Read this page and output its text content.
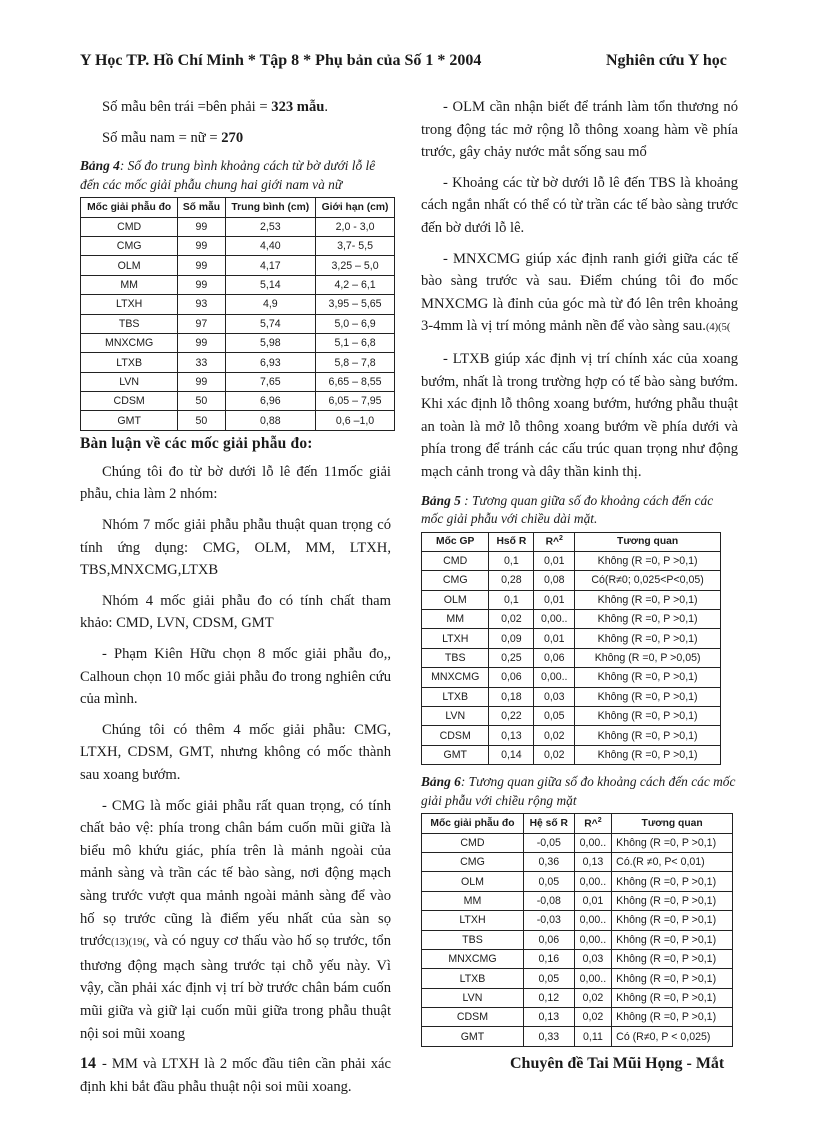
Y Học TP. Hồ Chí Minh * Tập 8 * Phụ bản của Số 1 * 2004	Nghiên cứu Y học

Số mẫu bên trái =bên phải = 323 mẫu.

Số mẫu nam = nữ = 270

Bảng 4: Số đo trung bình khoảng cách từ bờ dưới lỗ lê đến các mốc giải phẫu chung hai giới nam và nữ
Mốc giải phẫu đo	Số mẫu	Trung bình (cm)	Giới hạn (cm)
CMD	99	2,53	2,0 - 3,0
CMG	99	4,40	3,7- 5,5
OLM	99	4,17	3,25 – 5,0
MM	99	5,14	4,2 – 6,1
LTXH	93	4,9	3,95 – 5,65
TBS	97	5,74	5,0 – 6,9
MNXCMG	99	5,98	5,1 – 6,8
LTXB	33	6,93	5,8 – 7,8
LVN	99	7,65	6,65 – 8,55
CDSM	50	6,96	6,05 – 7,95
GMT	50	0,88	0,6 –1,0
Bàn luận về các mốc giải phẫu đo:

Chúng tôi đo từ bờ dưới lỗ lê đến 11mốc giải phẫu, chia làm 2 nhóm:

Nhóm 7 mốc giải phẫu phẫu thuật quan trọng có tính ứng dụng: CMG, OLM, MM, LTXH, TBS,MNXCMG,LTXB

Nhóm 4 mốc giải phẫu đo có tính chất tham khảo: CMD, LVN, CDSM, GMT

- Phạm Kiên Hữu chọn 8 mốc giải phẫu đo,, Calhoun chọn 10 mốc giải phẫu đo trong nghiên cứu của mình.

Chúng tôi có thêm 4 mốc giải phẫu: CMG, LTXH, CDSM, GMT, nhưng không có mốc thành sau xoang bướm.

- CMG là mốc giải phẫu rất quan trọng, có tính chất bảo vệ: phía trong chân bám cuốn mũi giữa là biểu mô khứu giác, phía trên là mảnh ngoài của mảnh sàng và trần các tế bào sàng, nơi động mạch sàng trước vượt qua mảnh ngoài mảnh sàng để vào hố sọ trước cũng là điểm yếu nhất của sàn sọ trước(13)(19(, và có nguy cơ thấu vào hố sọ trước, tổn thương động mạch sàng trước tại chỗ yếu này. Vì vậy, cần phải xác định vị trí bờ trước chân bám cuốn mũi giữa và giữ lại cuốn mũi giữa trong phẫu thuật nội soi mũi xoang

- MM và LTXH là 2 mốc đầu tiên cần phải xác định khi bắt đầu phẫu thuật nội soi mũi xoang.

- OLM cần nhận biết để tránh làm tổn thương nó trong động tác mở rộng lỗ thông xoang hàm về phía trước, gây chảy nước mắt sống sau mổ

- Khoảng các từ bờ dưới lỗ lê đến TBS là khoảng cách ngắn nhất có thể có từ trần các tế bào sàng trước đến bờ dưới lỗ lê.

- MNXCMG giúp xác định ranh giới giữa các tế bào sàng trước và sau. Điểm chúng tôi đo mốc MNXCMG là đỉnh của góc mà từ đó lên trên khoảng 3-4mm là vị trí mỏng mảnh nền để vào sàng sau.(4)(5(

- LTXB giúp xác định vị trí chính xác của xoang bướm, nhất là trong trường hợp có tế bào sàng bướm. Khi xác định lỗ thông xoang bướm, hướng phẫu thuật an toàn là mở lỗ thông xoang bướm về phía dưới và phía trong để tránh các cấu trúc quan trọng như động mạch cảnh trong và dây thần kinh thị.

Bảng 5 : Tương quan giữa số đo khoảng cách đến các mốc giải phẫu với chiều dài mặt.
Mốc GP	Hsố R	R^$^2$	Tương quan
CMD	0,1	0,01	Không (R =0, P >0,1)
CMG	0,28	0,08	Có(R≠0; 0,025<P<0,05)
OLM	0,1	0,01	Không (R =0, P >0,1)
MM	0,02	0,00..	Không (R =0, P >0,1)
LTXH	0,09	0,01	Không (R =0, P >0,1)
TBS	0,25	0,06	Không (R =0, P >0,05)
MNXCMG	0,06	0,00..	Không (R =0, P >0,1)
LTXB	0,18	0,03	Không (R =0, P >0,1)
LVN	0,22	0,05	Không (R =0, P >0,1)
CDSM	0,13	0,02	Không (R =0, P >0,1)
GMT	0,14	0,02	Không (R =0, P >0,1)
Bảng 6: Tương quan giữa số đo khoảng cách đến các mốc giải phẫu với chiều rộng mặt
Mốc giải phẫu đo	Hệ số R	R^$^2$	Tương quan
CMD	-0,05	0,00..	Không (R =0, P >0,1)
CMG	0,36	0,13	Có.(R ≠0, P< 0,01)
OLM	0,05	0,00..	Không (R =0, P >0,1)
MM	-0,08	0,01	Không (R =0, P >0,1)
LTXH	-0,03	0,00..	Không (R =0, P >0,1)
TBS	0,06	0,00..	Không (R =0, P >0,1)
MNXCMG	0,16	0,03	Không (R =0, P >0,1)
LTXB	0,05	0,00..	Không (R =0, P >0,1)
LVN	0,12	0,02	Không (R =0, P >0,1)
CDSM	0,13	0,02	Không (R =0, P >0,1)
GMT	0,33	0,11	Có (R≠0, P < 0,025)
14	Chuyên đề Tai Mũi Họng - Mắt
